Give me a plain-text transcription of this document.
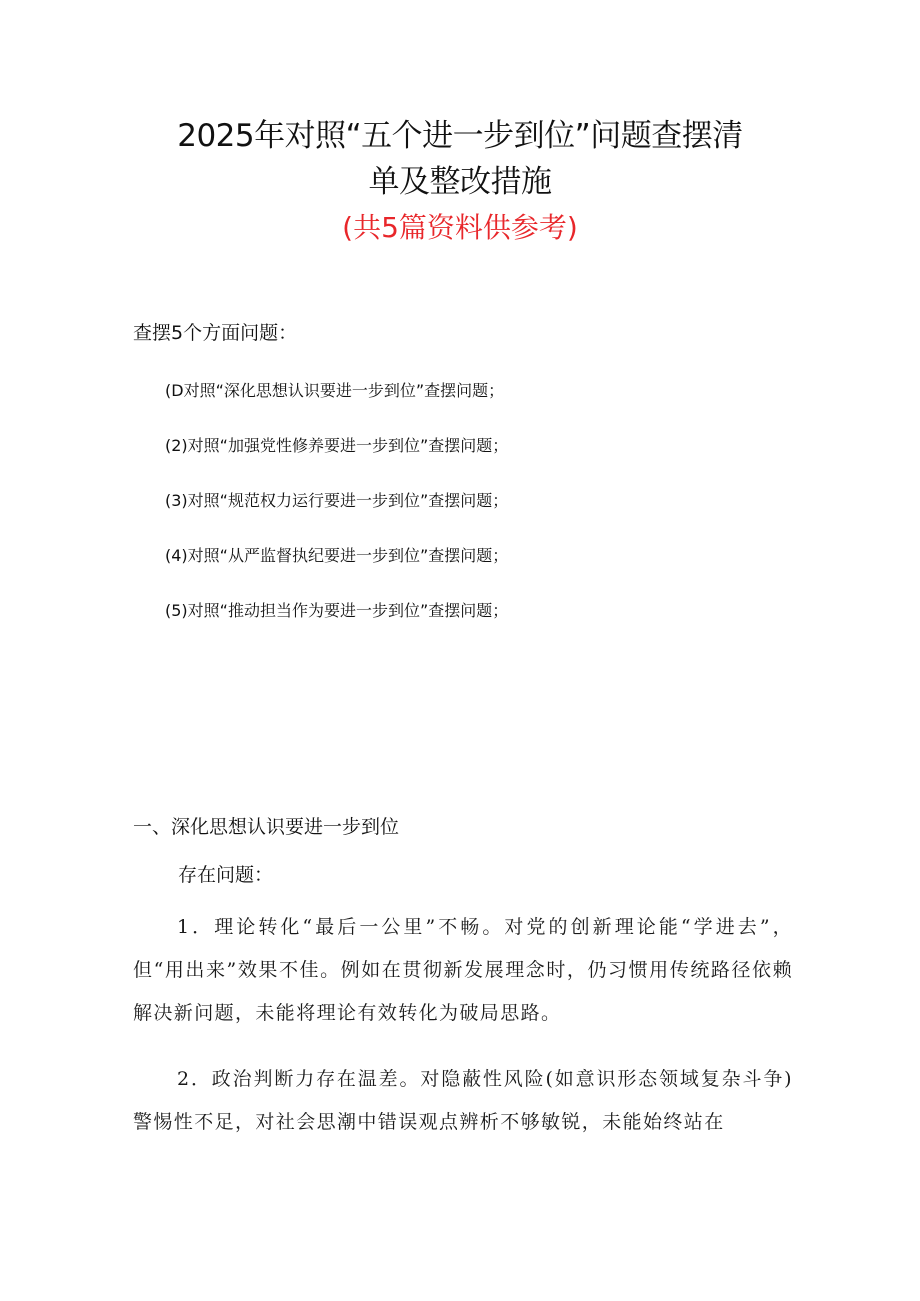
2025年对照“五个进一步到位”问题查摆清
单及整改措施
(共5篇资料供参考)
查摆5个方面问题：
(D对照“深化思想认识要进一步到位”查摆问题；
(2)对照“加强党性修养要进一步到位”查摆问题；
(3)对照“规范权力运行要进一步到位”查摆问题；
(4)对照“从严监督执纪要进一步到位”查摆问题；
(5)对照“推动担当作为要进一步到位”查摆问题；
一、深化思想认识要进一步到位
存在问题：
1．理论转化“最后一公里”不畅。对党的创新理论能“学进去”，但“用出来”效果不佳。例如在贯彻新发展理念时，仍习惯用传统路径依赖解决新问题，未能将理论有效转化为破局思路。
2．政治判断力存在温差。对隐蔽性风险(如意识形态领域复杂斗争)警惕性不足，对社会思潮中错误观点辨析不够敏锐，未能始终站在
